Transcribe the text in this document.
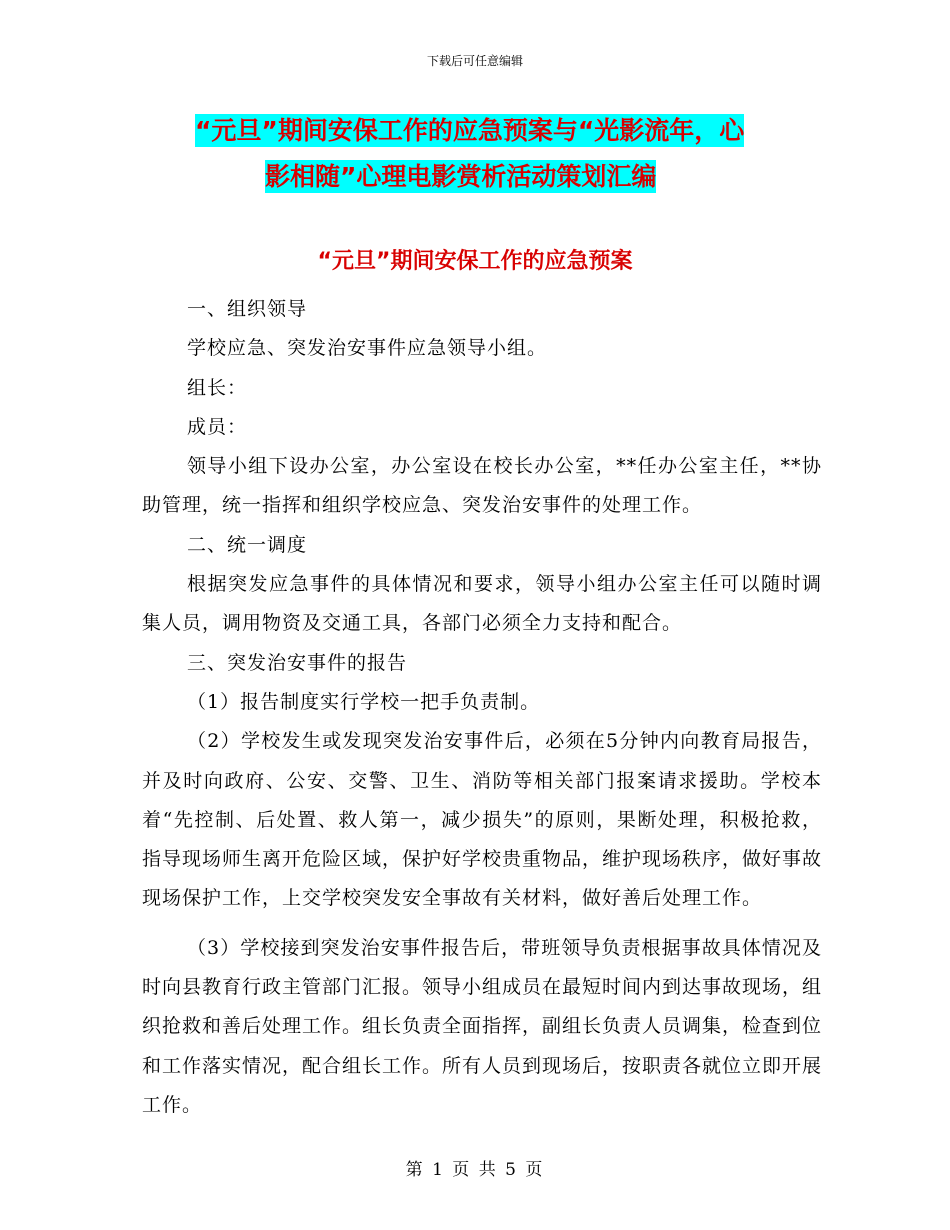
下载后可任意编辑
“元旦”期间安保工作的应急预案与“光影流年，心
影相随”心理电影赏析活动策划汇编
“元旦”期间安保工作的应急预案

一、组织领导

学校应急、突发治安事件应急领导小组。

组长：

成员：

领导小组下设办公室，办公室设在校长办公室，**任办公室主任，**协助管理，统一指挥和组织学校应急、突发治安事件的处理工作。

二、统一调度

根据突发应急事件的具体情况和要求，领导小组办公室主任可以随时调集人员，调用物资及交通工具，各部门必须全力支持和配合。

三、突发治安事件的报告

（1）报告制度实行学校一把手负责制。

（2）学校发生或发现突发治安事件后，必须在5分钟内向教育局报告，并及时向政府、公安、交警、卫生、消防等相关部门报案请求援助。学校本着“先控制、后处置、救人第一，减少损失”的原则，果断处理，积极抢救，指导现场师生离开危险区域，保护好学校贵重物品，维护现场秩序，做好事故现场保护工作，上交学校突发安全事故有关材料，做好善后处理工作。

（3）学校接到突发治安事件报告后，带班领导负责根据事故具体情况及时向县教育行政主管部门汇报。领导小组成员在最短时间内到达事故现场，组织抢救和善后处理工作。组长负责全面指挥，副组长负责人员调集，检查到位和工作落实情况，配合组长工作。所有人员到现场后，按职责各就位立即开展工作。

第 1 页 共 5 页
